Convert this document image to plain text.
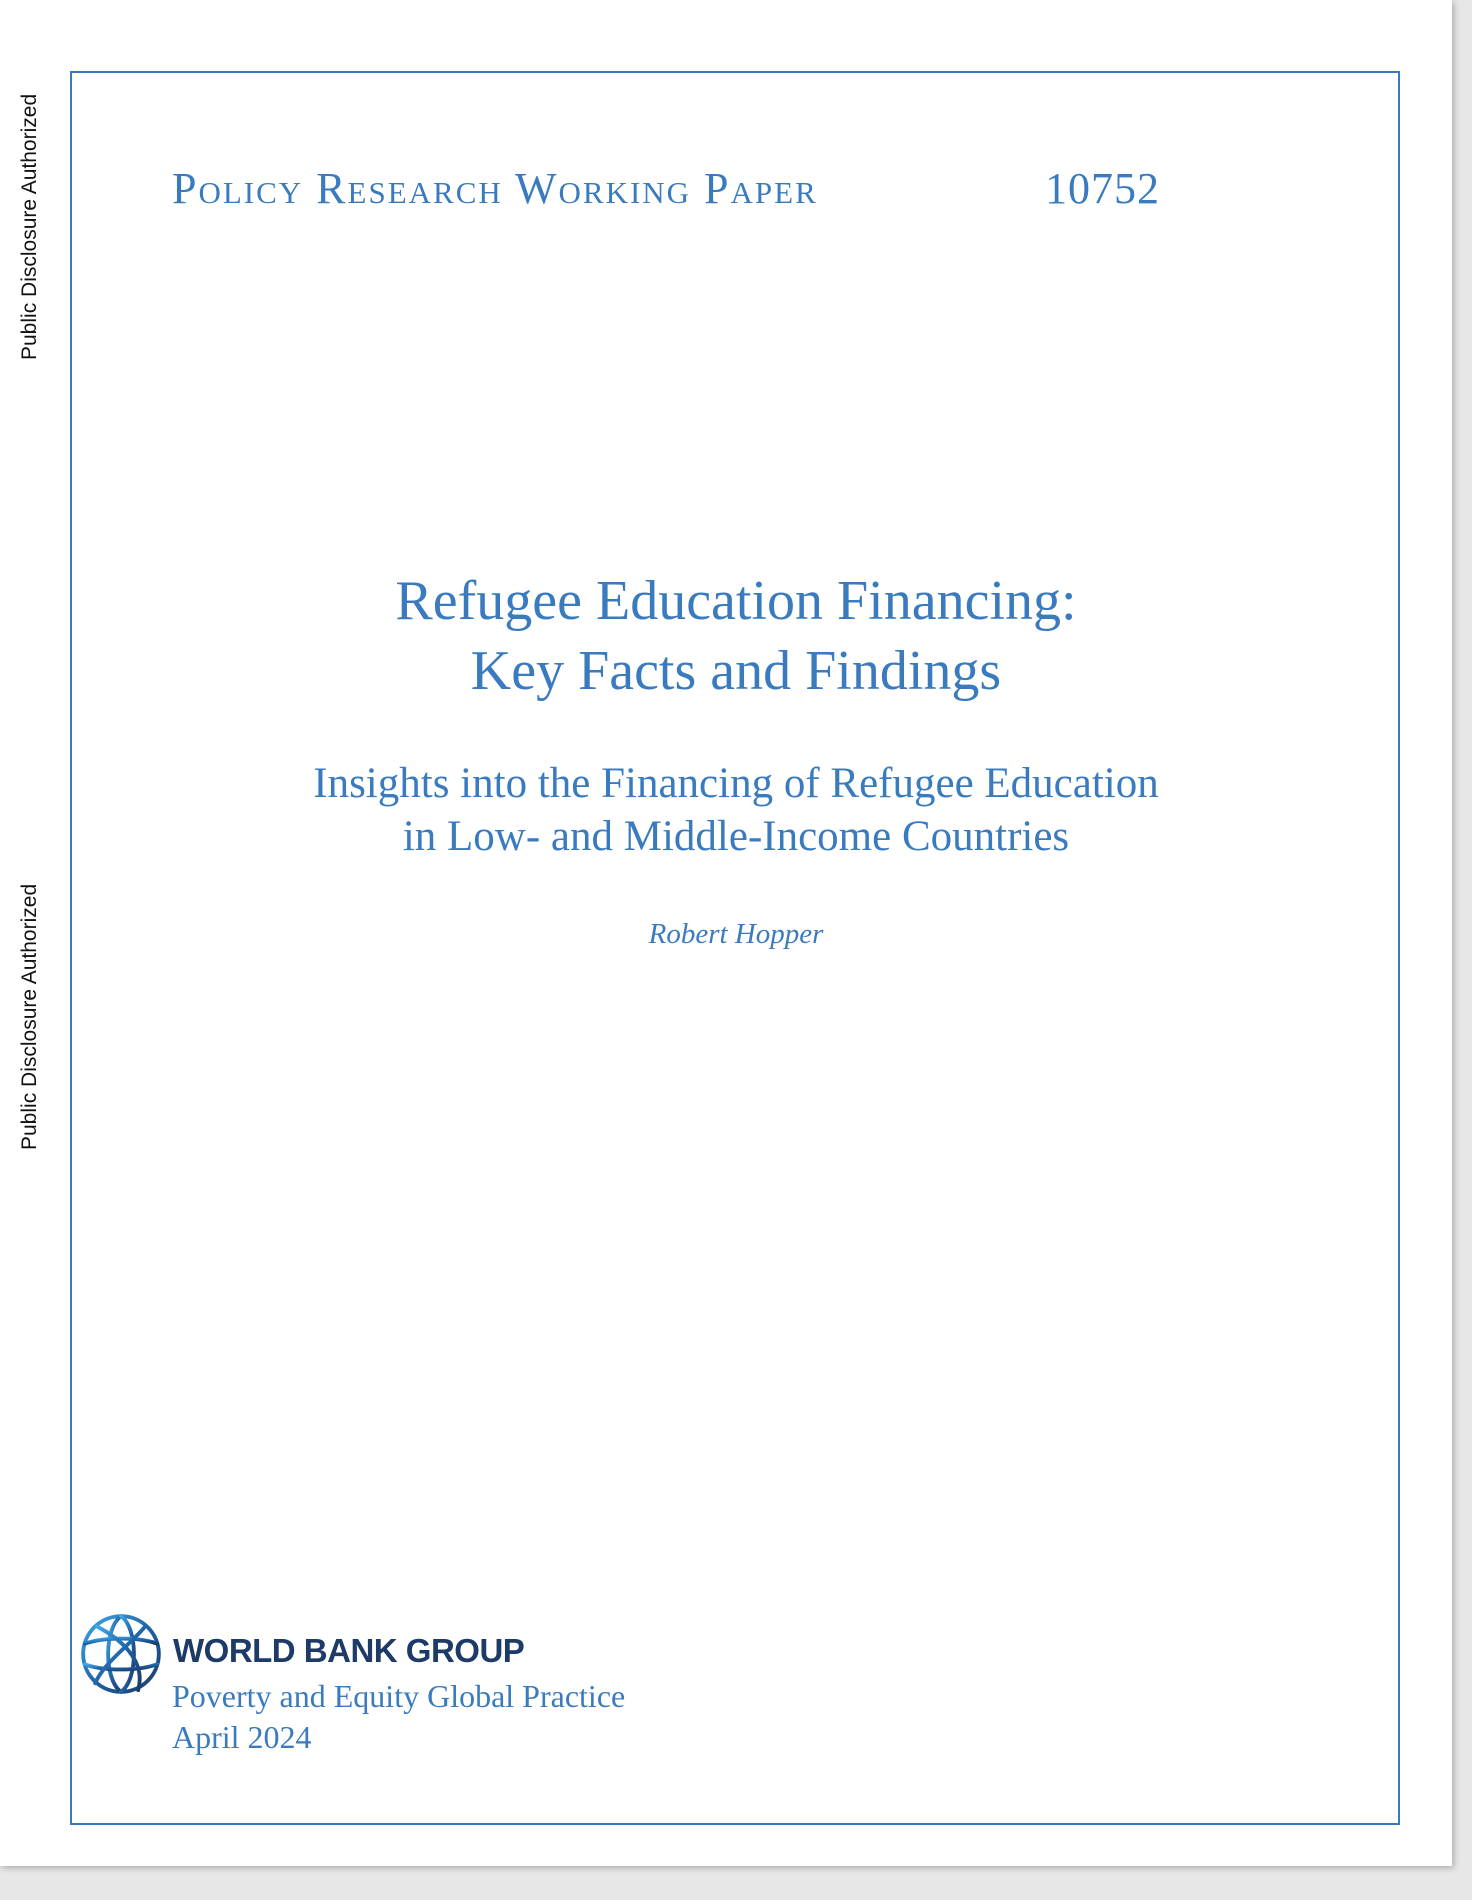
Public Disclosure Authorized
Public Disclosure Authorized
Policy Research Working Paper	10752
Refugee Education Financing:
Key Facts and Findings
Insights into the Financing of Refugee Education
in Low- and Middle-Income Countries
Robert Hopper
WORLD BANK GROUP
Poverty and Equity Global Practice
April 2024
